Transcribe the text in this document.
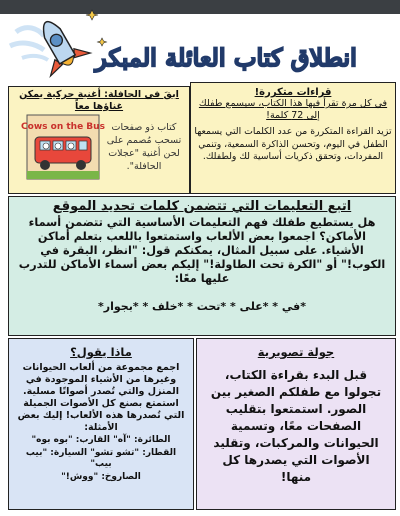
انطلاق كتاب العائلة المبكر
قراءات متكررة!
في كل مرة تقرأ فيها هذا الكتاب، سيسمع طفلك إلى 72 كلمة!
تزيد القراءة المتكررة من عدد الكلمات التي يسمعها الطفل في اليوم، وتحسن الذاكرة السمعية، وتنمي المفردات، وتحقق ذكريات أساسية لك ولطفلك.
ابقَ في الحافلة: أغنية حركية يمكن غناؤها معاً
Cows on the Bus كتاب ذو صفحات تسحب مُصمم على لحن أغنية "عجلات الحافلة".
اتبع التعليمات التي تتضمن كلمات تحديد الموقع
هل يستطيع طفلك فهم التعليمات الأساسية التي تتضمن أسماء الأماكن؟ اجمعوا بعض الألعاب واستمتعوا باللعب بتعلم أماكن الأشياء. على سبيل المثال، يمكنكم قول: "انظر، البقرة في الكوب!" أو "الكرة تحت الطاولة!" إليكم بعض أسماء الأماكن للتدرب عليها معًا:
*في * *على * *تحت * *خلف * *بجوار*
ماذا يقول؟
اجمع مجموعة من ألعاب الحيوانات وغيرها من الأشياء الموجودة في المنزل والتي تُصدر أصواتًا مسلية. استمتع بصنع كل الأصوات الجميلة التي تُصدرها هذه الألعاب! إليك بعض الأمثلة:
الطائرة: "آه" القارب: "بوه بوه"
القطار: "تشو تشو" السيارة: "بيب بيب"
الصاروخ: "ووش!"
جولة تصويرية
قبل البدء بقراءة الكتاب، تجولوا مع طفلكم الصغير بين الصور. استمتعوا بتقليب الصفحات معًا، وتسمية الحيوانات والمركبات، وتقليد الأصوات التي يصدرها كل منها!
